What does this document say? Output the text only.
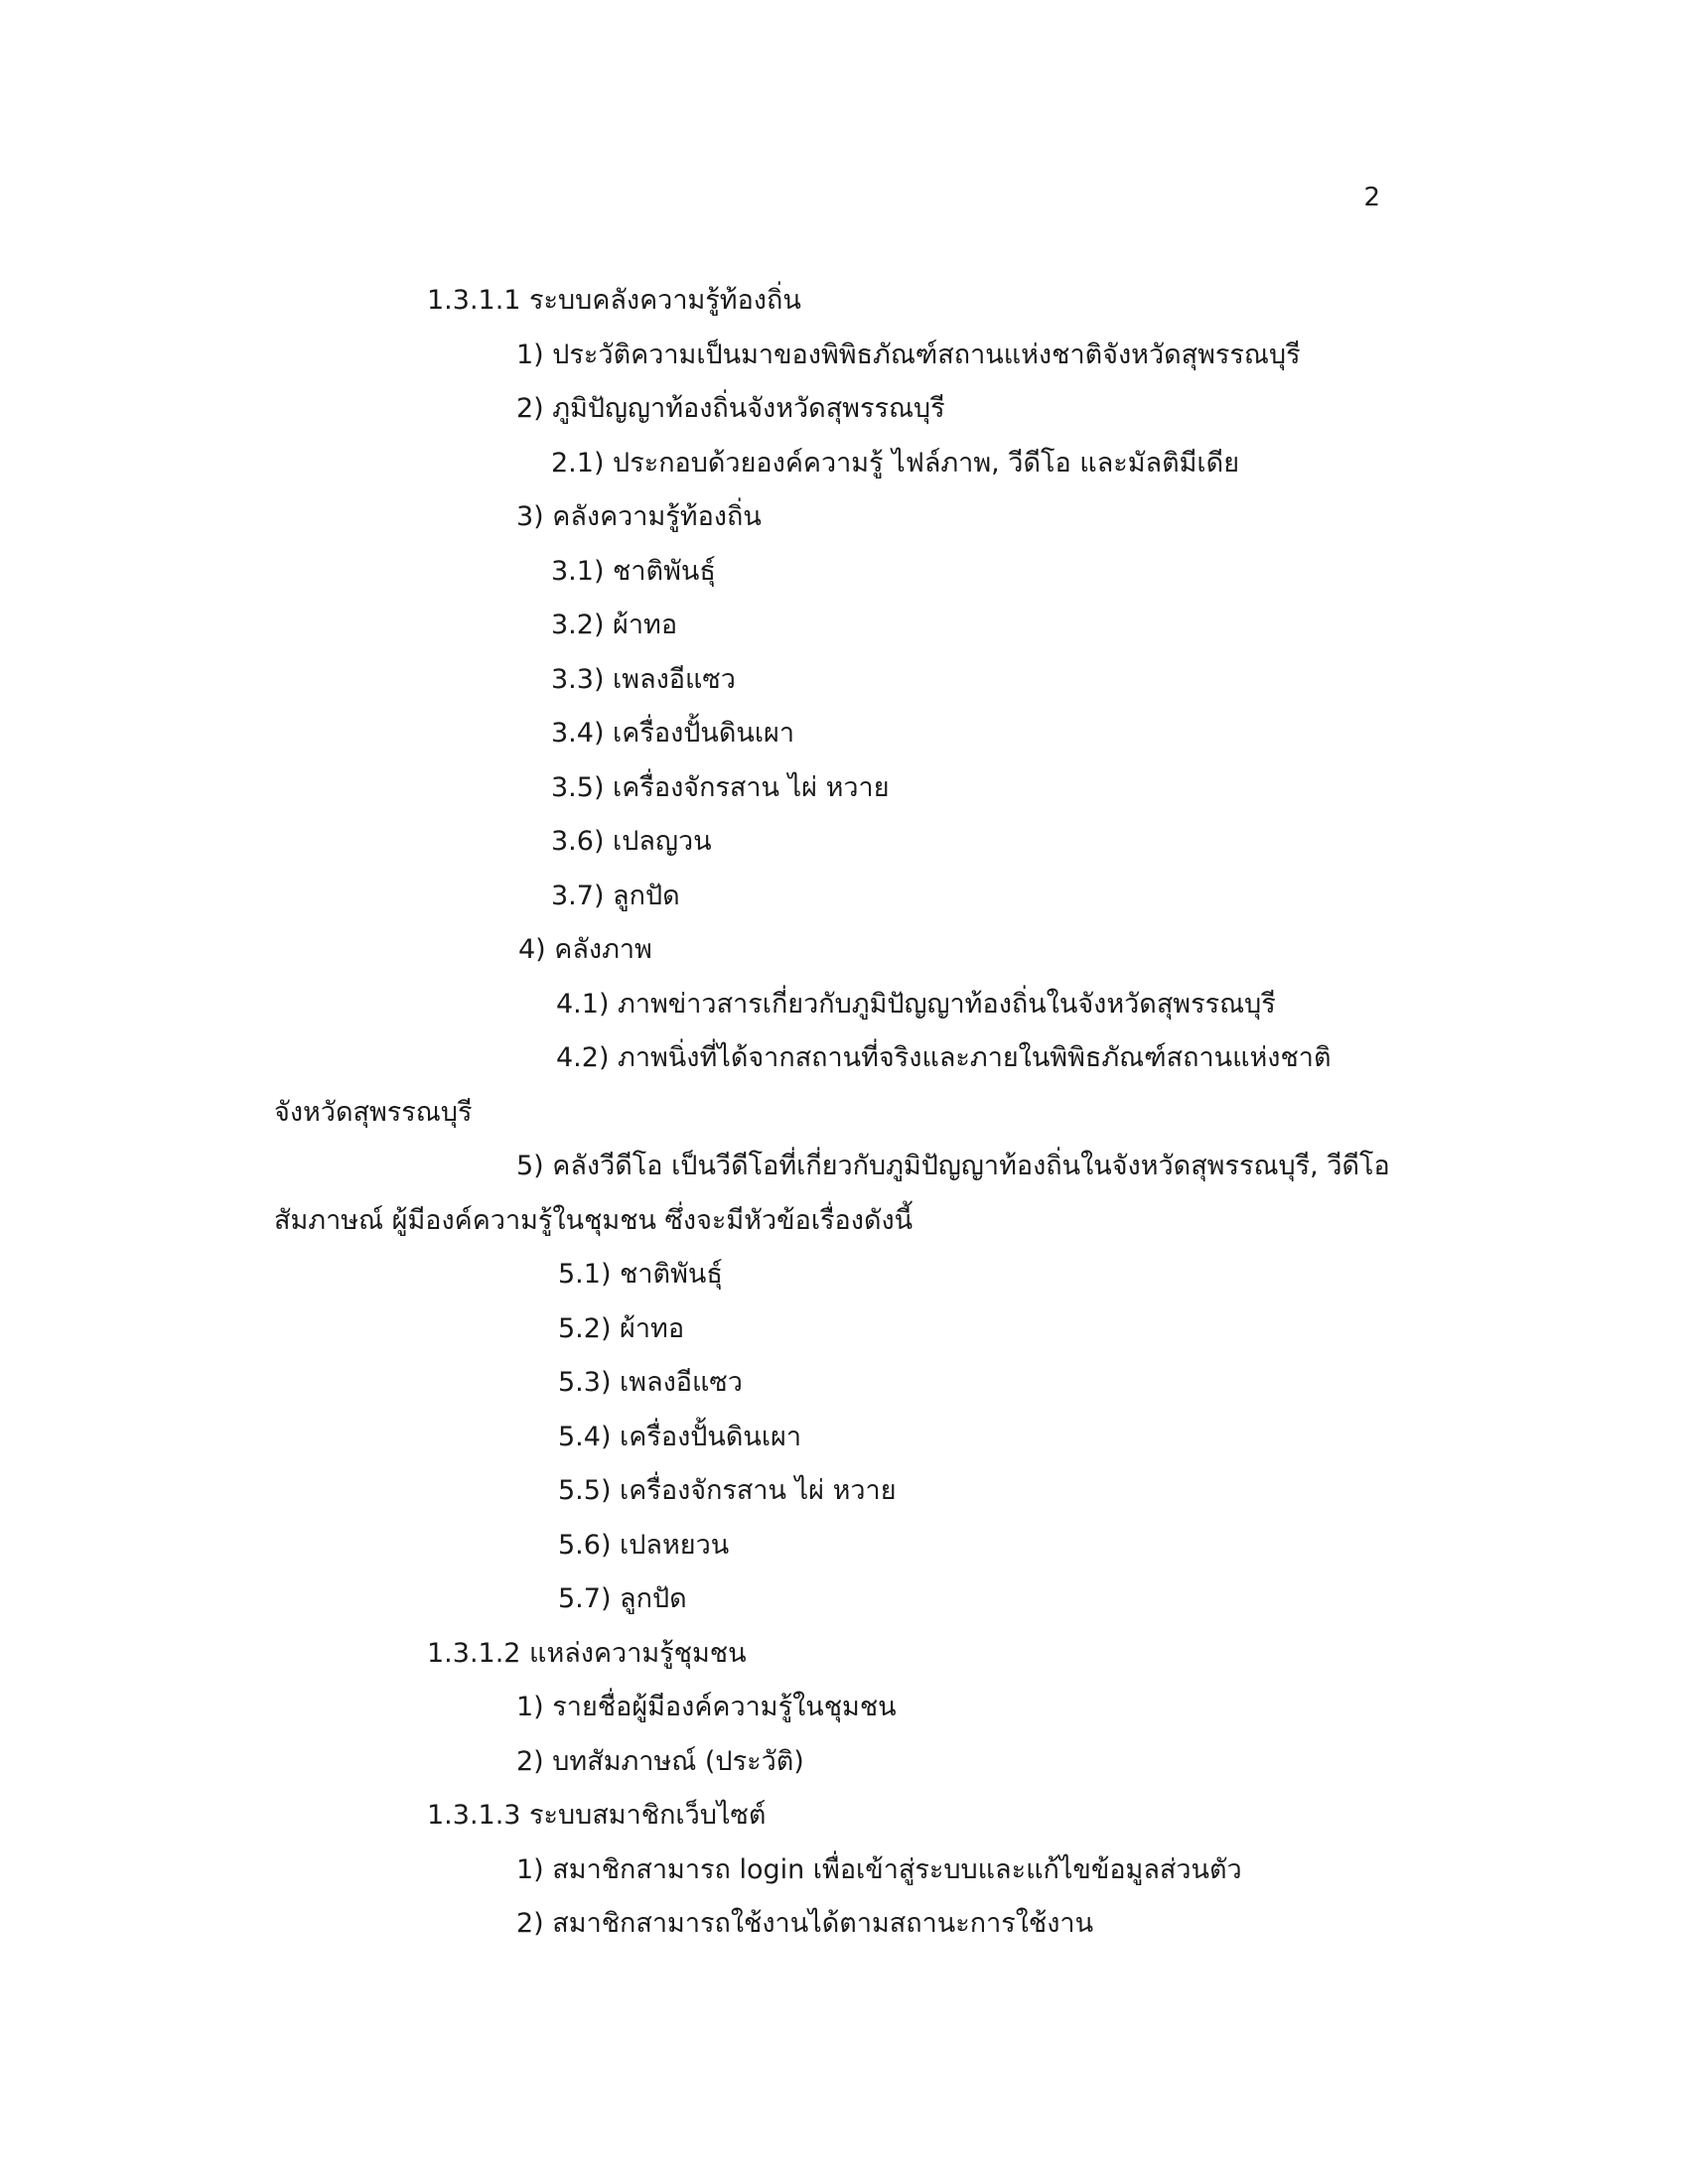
2
1.3.1.1 ระบบคลังความรู้ท้องถิ่น
1) ประวัติความเป็นมาของพิพิธภัณฑ์สถานแห่งชาติจังหวัดสุพรรณบุรี
2) ภูมิปัญญาท้องถิ่นจังหวัดสุพรรณบุรี
2.1) ประกอบด้วยองค์ความรู้ ไฟล์ภาพ, วีดีโอ และมัลติมีเดีย
3) คลังความรู้ท้องถิ่น
3.1) ชาติพันธุ์
3.2) ผ้าทอ
3.3) เพลงอีแซว
3.4) เครื่องปั้นดินเผา
3.5) เครื่องจักรสาน ไผ่ หวาย
3.6) เปลญวน
3.7) ลูกปัด
4) คลังภาพ
4.1) ภาพข่าวสารเกี่ยวกับภูมิปัญญาท้องถิ่นในจังหวัดสุพรรณบุรี
4.2) ภาพนิ่งที่ได้จากสถานที่จริงและภายในพิพิธภัณฑ์สถานแห่งชาติ
จังหวัดสุพรรณบุรี
5) คลังวีดีโอ เป็นวีดีโอที่เกี่ยวกับภูมิปัญญาท้องถิ่นในจังหวัดสุพรรณบุรี, วีดีโอ
สัมภาษณ์ ผู้มีองค์ความรู้ในชุมชน ซึ่งจะมีหัวข้อเรื่องดังนี้
5.1) ชาติพันธุ์
5.2) ผ้าทอ
5.3) เพลงอีแซว
5.4) เครื่องปั้นดินเผา
5.5) เครื่องจักรสาน ไผ่ หวาย
5.6) เปลหยวน
5.7) ลูกปัด
1.3.1.2 แหล่งความรู้ชุมชน
1) รายชื่อผู้มีองค์ความรู้ในชุมชน
2) บทสัมภาษณ์ (ประวัติ)
1.3.1.3 ระบบสมาชิกเว็บไซต์
1) สมาชิกสามารถ login เพื่อเข้าสู่ระบบและแก้ไขข้อมูลส่วนตัว
2) สมาชิกสามารถใช้งานได้ตามสถานะการใช้งาน
